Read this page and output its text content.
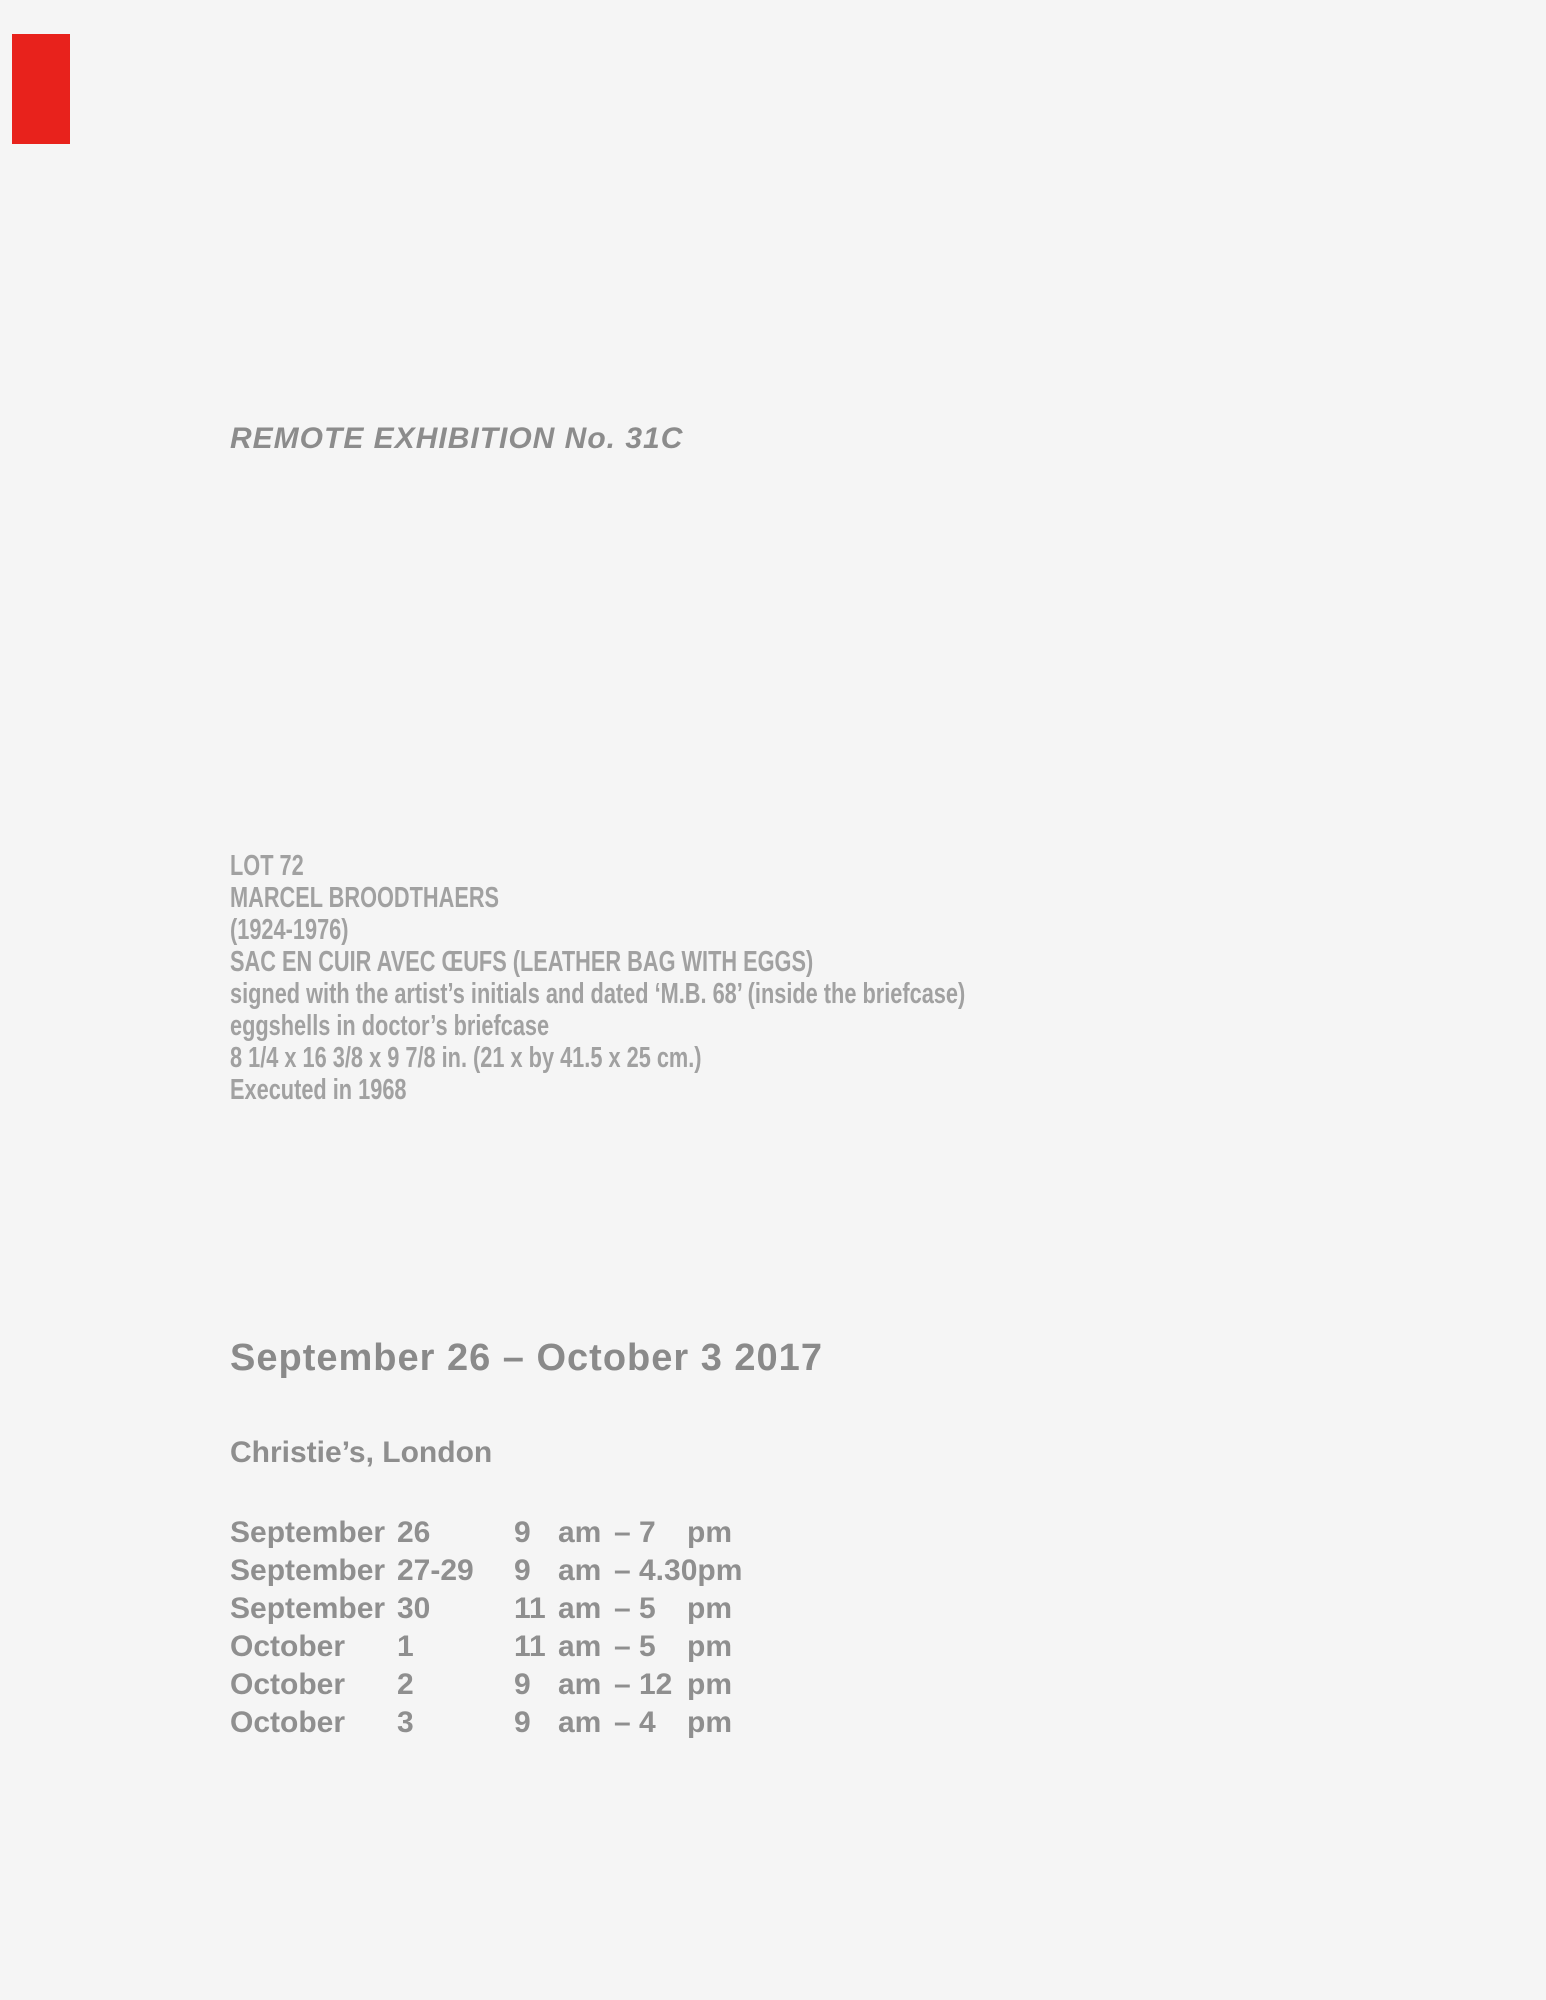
REMOTE EXHIBITION No. 31C
LOT 72
MARCEL BROODTHAERS
(1924-1976)
SAC EN CUIR AVEC ŒUFS (LEATHER BAG WITH EGGS)
signed with the artist’s initials and dated ‘M.B. 68’ (inside the briefcase)
eggshells in doctor’s briefcase
8 1/4 x 16 3/8 x 9 7/8 in. (21 x by 41.5 x 25 cm.)
Executed in 1968
September 26 – October 3 2017
Christie’s, London
September 26	9 am – 7	pm
September 27-29	9 am – 4.30 pm
September 30	11 am – 5	pm
October	1	11 am – 5	pm
October	2	9 am – 12 pm
October	3	9 am – 4	pm
